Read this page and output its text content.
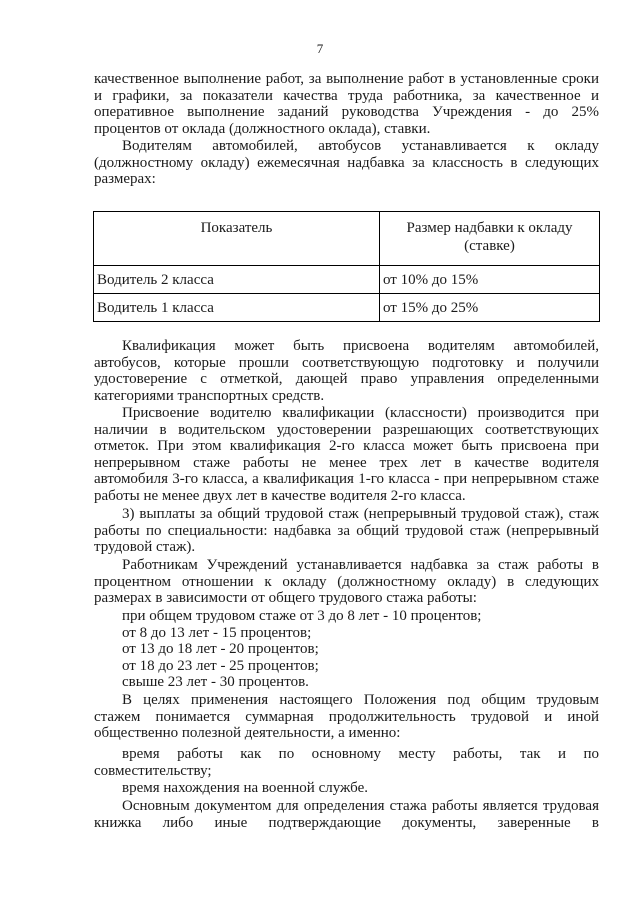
7

качественное выполнение работ, за выполнение работ в установленные сроки

и графики, за показатели качества труда работника, за качественное и

оперативное выполнение заданий руководства Учреждения - до 25%

процентов от оклада (должностного оклада), ставки.

Водителям автомобилей, автобусов устанавливается к окладу

(должностному окладу) ежемесячная надбавка за классность в следующих

размерах:

Показатель	Размер надбавки к окладу
(ставке)

Водитель 2 класса	от 10% до 15%
Водитель 1 класса	от 15% до 25%

Квалификация может быть присвоена водителям автомобилей,

автобусов, которые прошли соответствующую подготовку и получили

удостоверение с отметкой, дающей право управления определенными

категориями транспортных средств.

Присвоение водителю квалификации (классности) производится при

наличии в водительском удостоверении разрешающих соответствующих

отметок. При этом квалификация 2-го класса может быть присвоена при

непрерывном стаже работы не менее трех лет в качестве водителя

автомобиля 3-го класса, а квалификация 1-го класса - при непрерывном стаже

работы не менее двух лет в качестве водителя 2-го класса.

3) выплаты за общий трудовой стаж (непрерывный трудовой стаж), стаж

работы по специальности: надбавка за общий трудовой стаж (непрерывный

трудовой стаж).

Работникам Учреждений устанавливается надбавка за стаж работы в

процентном отношении к окладу (должностному окладу) в следующих

размерах в зависимости от общего трудового стажа работы:

при общем трудовом стаже от 3 до 8 лет - 10 процентов;

от 8 до 13 лет - 15 процентов;

от 13 до 18 лет - 20 процентов;

от 18 до 23 лет - 25 процентов;

свыше 23 лет - 30 процентов.

В целях применения настоящего Положения под общим трудовым

стажем понимается суммарная продолжительность трудовой и иной

общественно полезной деятельности, а именно:

время работы как по основному месту работы, так и по

совместительству;

время нахождения на военной службе.

Основным документом для определения стажа работы является трудовая

книжка либо иные подтверждающие документы, заверенные в
